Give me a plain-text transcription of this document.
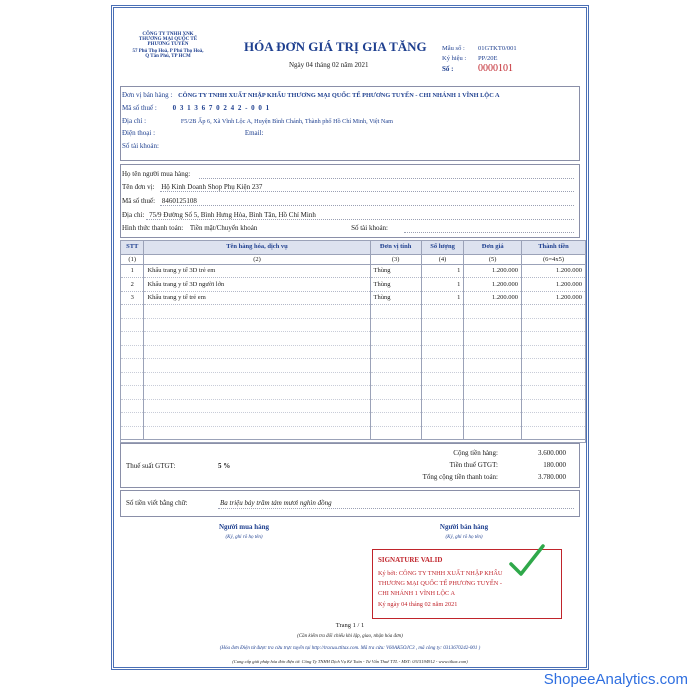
CÔNG TY TNHH XNK
THƯƠNG MẠI QUỐC TẾ
PHƯƠNG TUYẾN
57 Phú Thọ Hoà, P Phú Thọ Hoà,
Q Tân Phú, TP HCM
HÓA ĐƠN GIÁ TRỊ GIA TĂNG
Ngày 04 tháng 02 năm 2021
Mẫu số : 01GTKT0/001
Ký hiệu : PP/20E
Số : 0000101
Đơn vị bán hàng : CÔNG TY TNHH XUẤT NHẬP KHẨU THƯƠNG MẠI QUỐC TẾ PHƯƠNG TUYẾN - CHI NHÁNH 1 VĨNH LỘC A
Mã số thuế : 0 3 1 3 6 7 0 2 4 2 - 0 0 1
Địa chỉ :	F5/2B Ấp 6, Xã Vĩnh Lộc A, Huyện Bình Chánh, Thành phố Hồ Chí Minh, Việt Nam
Điện thoại :	Email:
Số tài khoản:
Họ tên người mua hàng:
Tên đơn vị: Hộ Kinh Doanh Shop Phụ Kiện 237
Mã số thuế: 8460125108
Địa chỉ: 75/9 Đường Số 5, Bình Hưng Hòa, Bình Tân, Hồ Chí Minh
Hình thức thanh toán: Tiền mặt/Chuyển khoản	Số tài khoản:
STT	Tên hàng hóa, dịch vụ	Đơn vị tính	Số lượng	Đơn giá	Thành tiền
(1)	(2)	(3)	(4)	(5)	(6=4x5)
1	Khẩu trang y tế 3D trẻ em	Thùng	1	1.200.000	1.200.000
2	Khẩu trang y tế 3D người lớn	Thùng	1	1.200.000	1.200.000
3	Khẩu trang y tế trẻ em	Thùng	1	1.200.000	1.200.000

Cộng tiền hàng:	3.600.000
Thuế suất GTGT:	5 %	Tiền thuế GTGT:	180.000
Tổng cộng tiền thanh toán:	3.780.000
Số tiền viết bằng chữ:	Ba triệu bảy trăm tám mươi nghìn đồng
Người mua hàng
(Ký, ghi rõ họ tên)
Người bán hàng
(Ký, ghi rõ họ tên)
SIGNATURE VALID
Ký bởi: CÔNG TY TNHH XUẤT NHẬP KHẨU
THƯƠNG MẠI QUỐC TẾ PHƯƠNG TUYẾN -
CHI NHÁNH 1 VĨNH LỘC A
Ký ngày 04 tháng 02 năm 2021
Trang 1 / 1
(Cần kiểm tra đối chiếu khi lập, giao, nhận hóa đơn)
(Hóa đơn Điện tử được tra cứu trực tuyến tại http://tracuu.ttltax.com. Mã tra cứu: V60AK5OJC3 , mã công ty: 0313670242-001 )
(Cung cấp giải pháp hóa đơn điện tử: Công Ty TNHH Dịch Vụ Kế Toán - Tư Vấn Thuế TTL - MST: 0315194912 - www.ttltax.com)
ShopeeAnalytics.com
